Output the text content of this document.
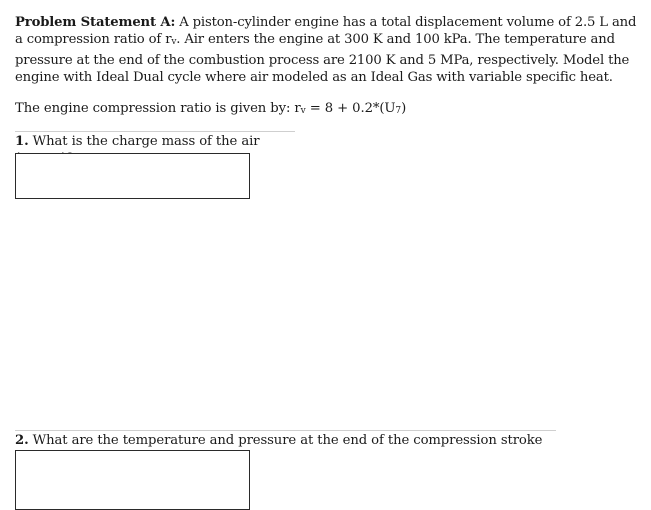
Problem Statement A: A piston-cylinder engine has a total displacement volume of 2.5 L and a compression ratio of rv. Air enters the engine at 300 K and 100 kPa. The temperature and pressure at the end of the combustion process are 2100 K and 5 MPa, respectively. Model the engine with Ideal Dual cycle where air modeled as an Ideal Gas with variable specific heat.

The engine compression ratio is given by: rv = 8 + 0.2*(U7)

1. What is the charge mass of the air

2. What are the temperature and pressure at the end of the compression stroke
